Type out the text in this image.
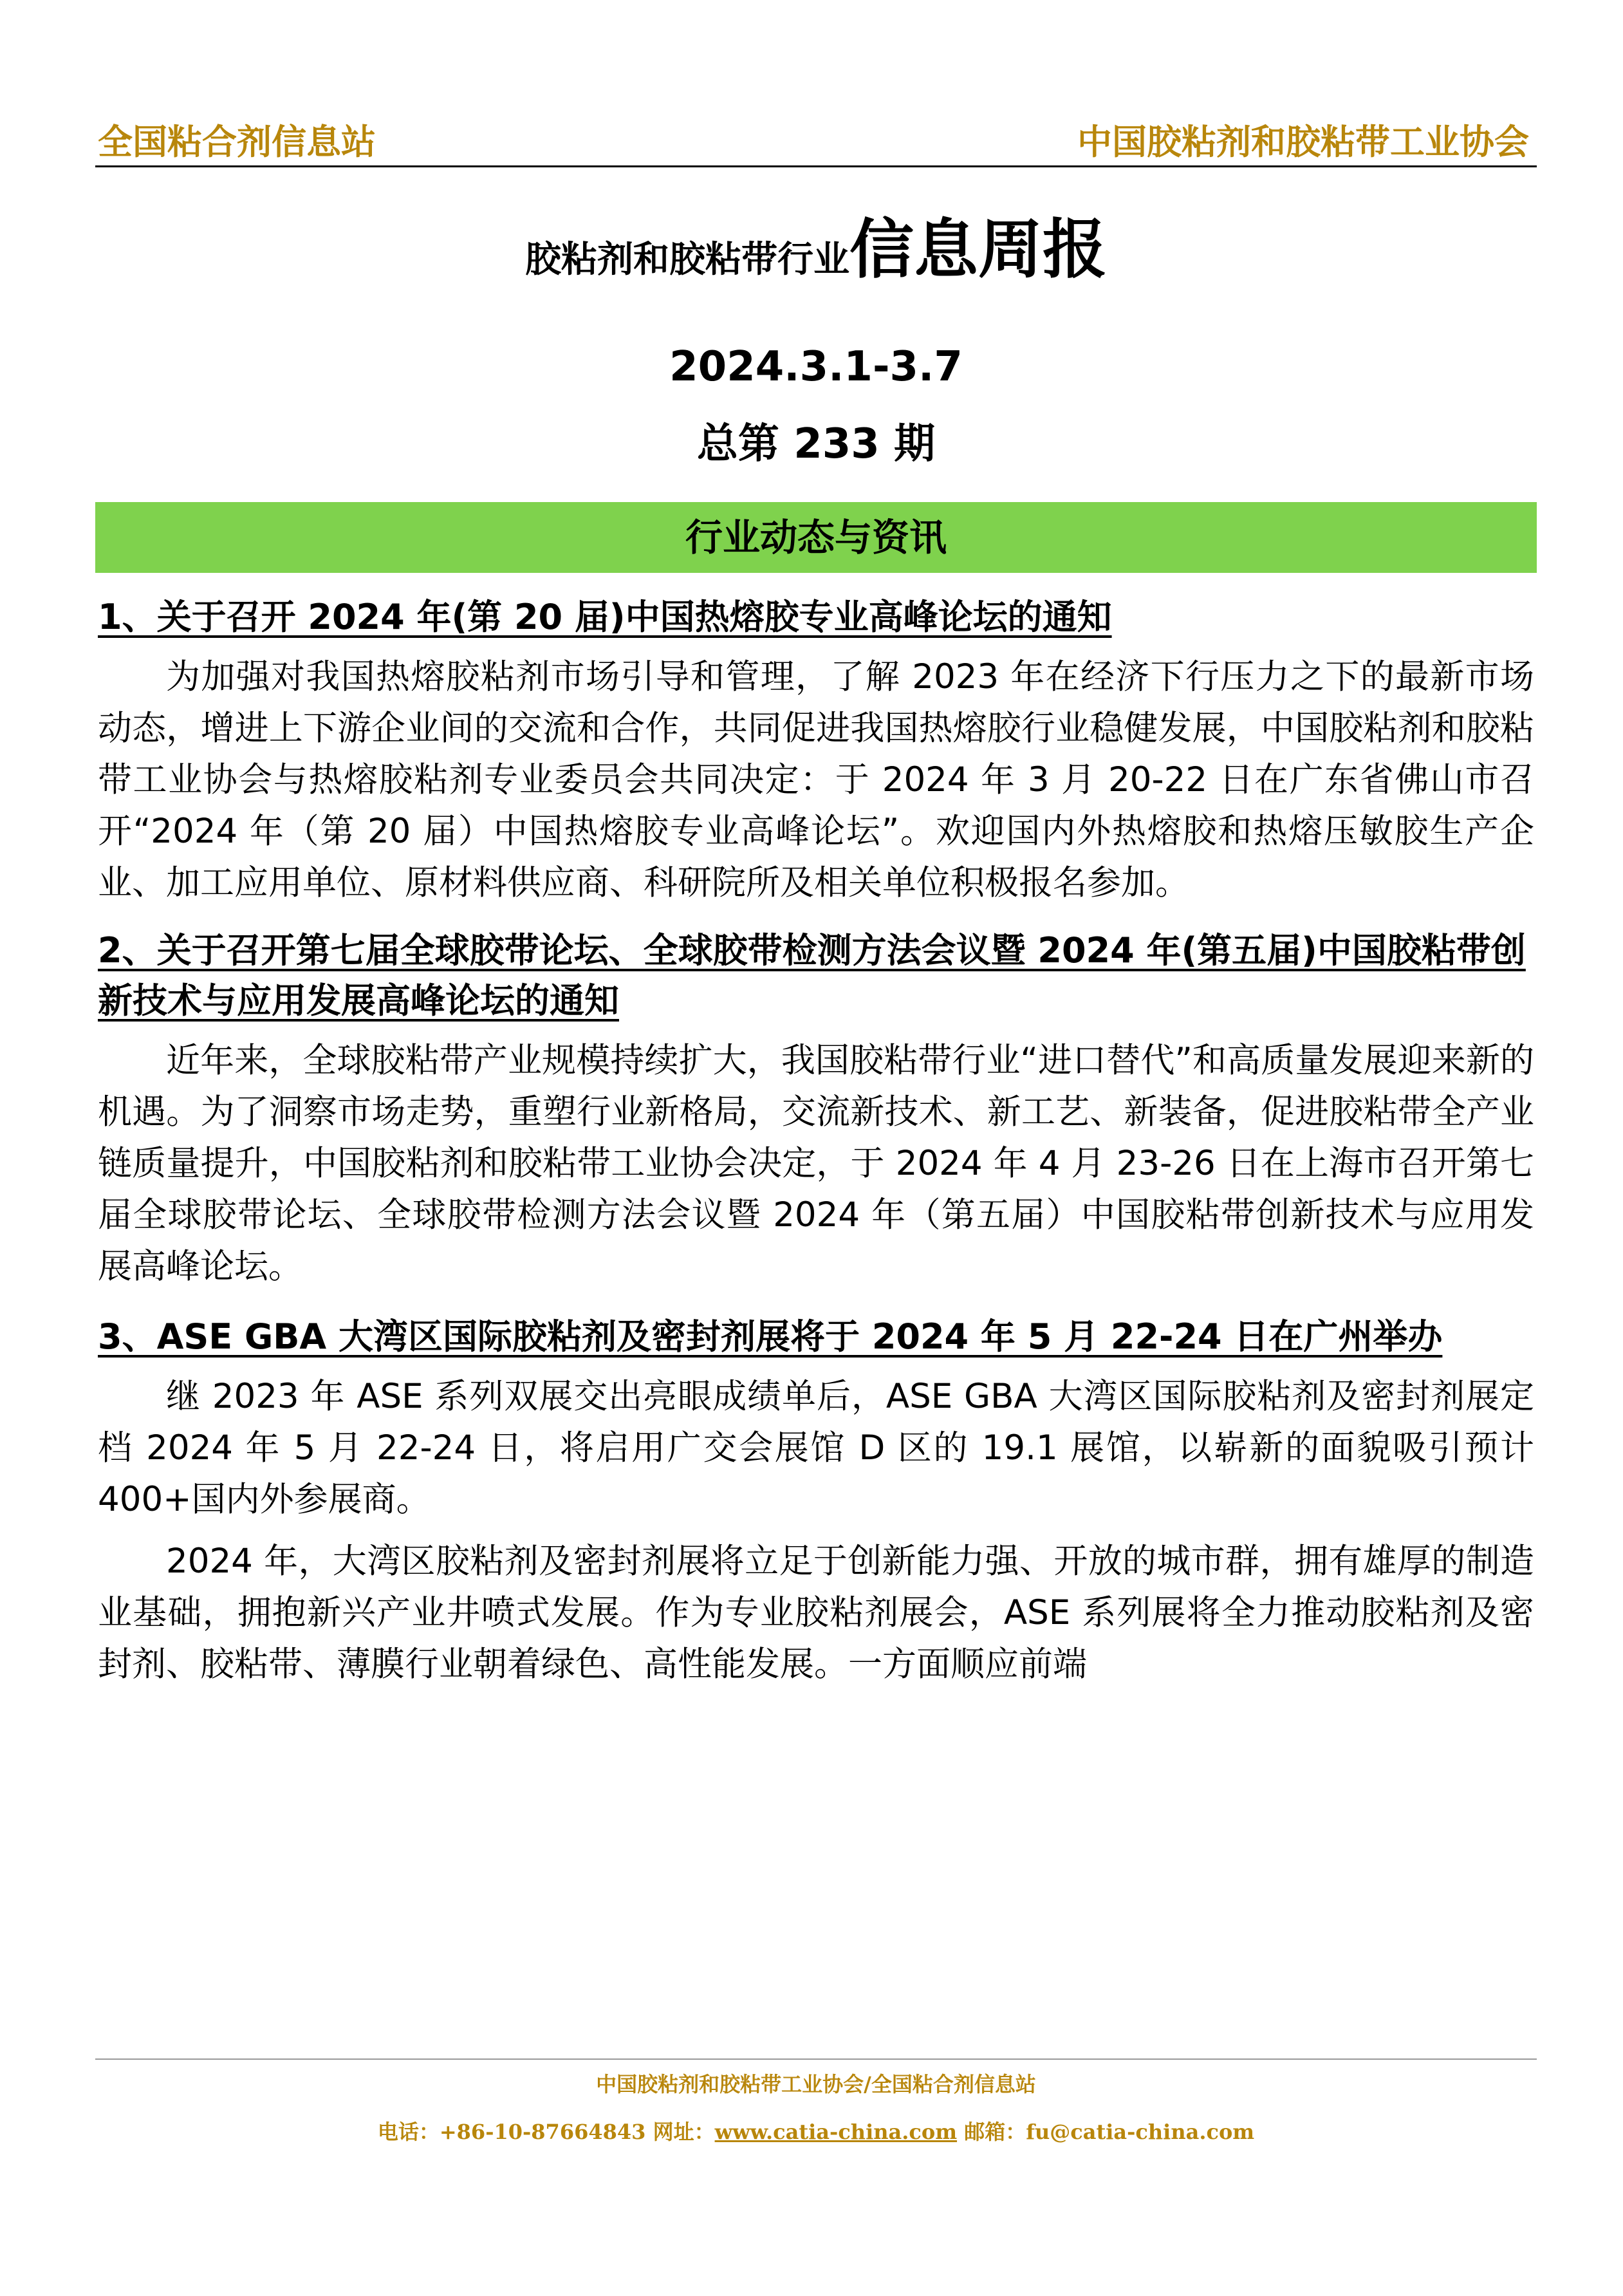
全国粘合剂信息站	中国胶粘剂和胶粘带工业协会
胶粘剂和胶粘带行业信息周报
2024.3.1-3.7
总第 233 期
行业动态与资讯
1、关于召开 2024 年(第 20 届)中国热熔胶专业高峰论坛的通知

为加强对我国热熔胶粘剂市场引导和管理，了解 2023 年在经济下行压力之下的最新市场动态，增进上下游企业间的交流和合作，共同促进我国热熔胶行业稳健发展，中国胶粘剂和胶粘带工业协会与热熔胶粘剂专业委员会共同决定：于 2024 年 3 月 20-22 日在广东省佛山市召开“2024 年（第 20 届）中国热熔胶专业高峰论坛”。欢迎国内外热熔胶和热熔压敏胶生产企业、加工应用单位、原材料供应商、科研院所及相关单位积极报名参加。

2、关于召开第七届全球胶带论坛、全球胶带检测方法会议暨 2024 年(第五届)中国胶粘带创新技术与应用发展高峰论坛的通知

近年来，全球胶粘带产业规模持续扩大，我国胶粘带行业“进口替代”和高质量发展迎来新的机遇。为了洞察市场走势，重塑行业新格局，交流新技术、新工艺、新装备，促进胶粘带全产业链质量提升，中国胶粘剂和胶粘带工业协会决定，于 2024 年 4 月 23-26 日在上海市召开第七届全球胶带论坛、全球胶带检测方法会议暨 2024 年（第五届）中国胶粘带创新技术与应用发展高峰论坛。

3、ASE GBA 大湾区国际胶粘剂及密封剂展将于 2024 年 5 月 22-24 日在广州举办

继 2023 年 ASE 系列双展交出亮眼成绩单后，ASE GBA 大湾区国际胶粘剂及密封剂展定档 2024 年 5 月 22-24 日，将启用广交会展馆 D 区的 19.1 展馆，以崭新的面貌吸引预计 400+国内外参展商。

2024 年，大湾区胶粘剂及密封剂展将立足于创新能力强、开放的城市群，拥有雄厚的制造业基础，拥抱新兴产业井喷式发展。作为专业胶粘剂展会，ASE 系列展将全力推动胶粘剂及密封剂、胶粘带、薄膜行业朝着绿色、高性能发展。一方面顺应前端

中国胶粘剂和胶粘带工业协会/全国粘合剂信息站
电话：+86-10-87664843 网址：www.catia-china.com 邮箱：fu@catia-china.com
